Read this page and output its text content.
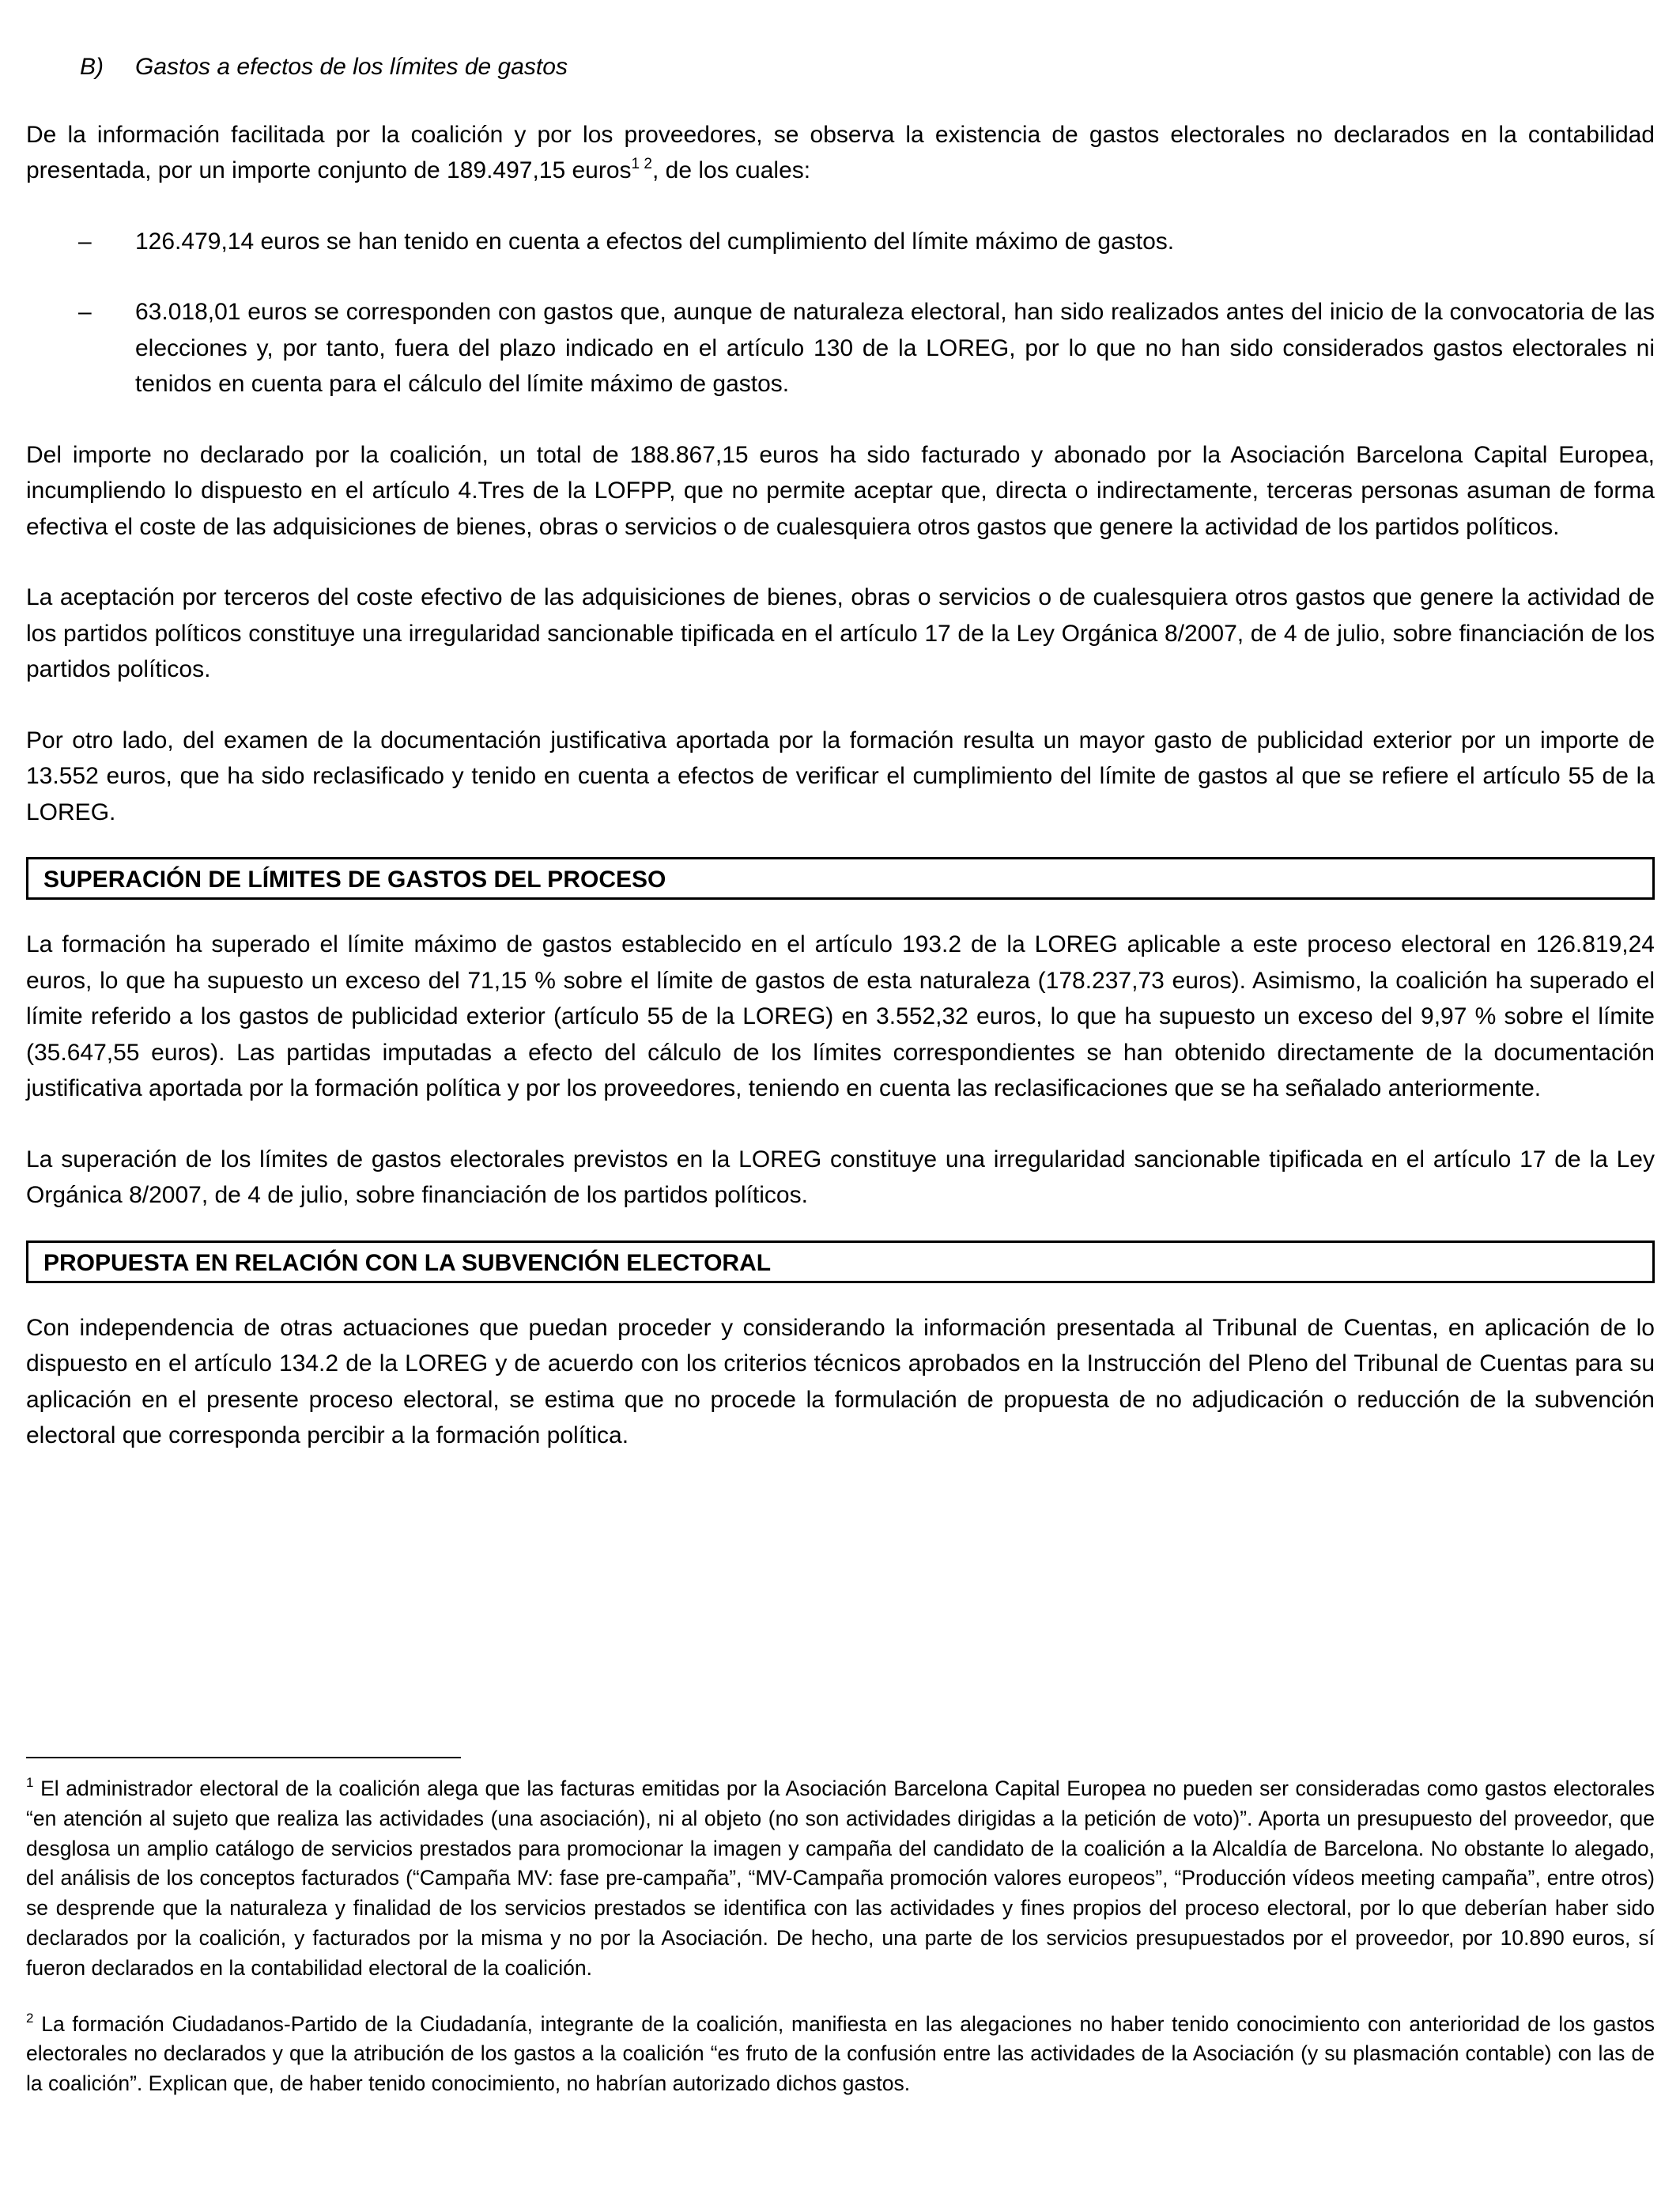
B) Gastos a efectos de los límites de gastos

De la información facilitada por la coalición y por los proveedores, se observa la existencia de gastos electorales no declarados en la contabilidad presentada, por un importe conjunto de 189.497,15 euros$^1$ $^2$, de los cuales:

– 126.479,14 euros se han tenido en cuenta a efectos del cumplimiento del límite máximo de gastos.
– 63.018,01 euros se corresponden con gastos que, aunque de naturaleza electoral, han sido realizados antes del inicio de la convocatoria de las elecciones y, por tanto, fuera del plazo indicado en el artículo 130 de la LOREG, por lo que no han sido considerados gastos electorales ni tenidos en cuenta para el cálculo del límite máximo de gastos.

Del importe no declarado por la coalición, un total de 188.867,15 euros ha sido facturado y abonado por la Asociación Barcelona Capital Europea, incumpliendo lo dispuesto en el artículo 4.Tres de la LOFPP, que no permite aceptar que, directa o indirectamente, terceras personas asuman de forma efectiva el coste de las adquisiciones de bienes, obras o servicios o de cualesquiera otros gastos que genere la actividad de los partidos políticos.

La aceptación por terceros del coste efectivo de las adquisiciones de bienes, obras o servicios o de cualesquiera otros gastos que genere la actividad de los partidos políticos constituye una irregularidad sancionable tipificada en el artículo 17 de la Ley Orgánica 8/2007, de 4 de julio, sobre financiación de los partidos políticos.

Por otro lado, del examen de la documentación justificativa aportada por la formación resulta un mayor gasto de publicidad exterior por un importe de 13.552 euros, que ha sido reclasificado y tenido en cuenta a efectos de verificar el cumplimiento del límite de gastos al que se refiere el artículo 55 de la LOREG.

SUPERACIÓN DE LÍMITES DE GASTOS DEL PROCESO

La formación ha superado el límite máximo de gastos establecido en el artículo 193.2 de la LOREG aplicable a este proceso electoral en 126.819,24 euros, lo que ha supuesto un exceso del 71,15 % sobre el límite de gastos de esta naturaleza (178.237,73 euros). Asimismo, la coalición ha superado el límite referido a los gastos de publicidad exterior (artículo 55 de la LOREG) en 3.552,32 euros, lo que ha supuesto un exceso del 9,97 % sobre el límite (35.647,55 euros). Las partidas imputadas a efecto del cálculo de los límites correspondientes se han obtenido directamente de la documentación justificativa aportada por la formación política y por los proveedores, teniendo en cuenta las reclasificaciones que se ha señalado anteriormente.

La superación de los límites de gastos electorales previstos en la LOREG constituye una irregularidad sancionable tipificada en el artículo 17 de la Ley Orgánica 8/2007, de 4 de julio, sobre financiación de los partidos políticos.

PROPUESTA EN RELACIÓN CON LA SUBVENCIÓN ELECTORAL

Con independencia de otras actuaciones que puedan proceder y considerando la información presentada al Tribunal de Cuentas, en aplicación de lo dispuesto en el artículo 134.2 de la LOREG y de acuerdo con los criterios técnicos aprobados en la Instrucción del Pleno del Tribunal de Cuentas para su aplicación en el presente proceso electoral, se estima que no procede la formulación de propuesta de no adjudicación o reducción de la subvención electoral que corresponda percibir a la formación política.

$^1$ El administrador electoral de la coalición alega que las facturas emitidas por la Asociación Barcelona Capital Europea no pueden ser consideradas como gastos electorales “en atención al sujeto que realiza las actividades (una asociación), ni al objeto (no son actividades dirigidas a la petición de voto)”. Aporta un presupuesto del proveedor, que desglosa un amplio catálogo de servicios prestados para promocionar la imagen y campaña del candidato de la coalición a la Alcaldía de Barcelona. No obstante lo alegado, del análisis de los conceptos facturados (“Campaña MV: fase pre-campaña”, “MV-Campaña promoción valores europeos”, “Producción vídeos meeting campaña”, entre otros) se desprende que la naturaleza y finalidad de los servicios prestados se identifica con las actividades y fines propios del proceso electoral, por lo que deberían haber sido declarados por la coalición, y facturados por la misma y no por la Asociación. De hecho, una parte de los servicios presupuestados por el proveedor, por 10.890 euros, sí fueron declarados en la contabilidad electoral de la coalición.
$^2$ La formación Ciudadanos-Partido de la Ciudadanía, integrante de la coalición, manifiesta en las alegaciones no haber tenido conocimiento con anterioridad de los gastos electorales no declarados y que la atribución de los gastos a la coalición “es fruto de la confusión entre las actividades de la Asociación (y su plasmación contable) con las de la coalición”. Explican que, de haber tenido conocimiento, no habrían autorizado dichos gastos.
